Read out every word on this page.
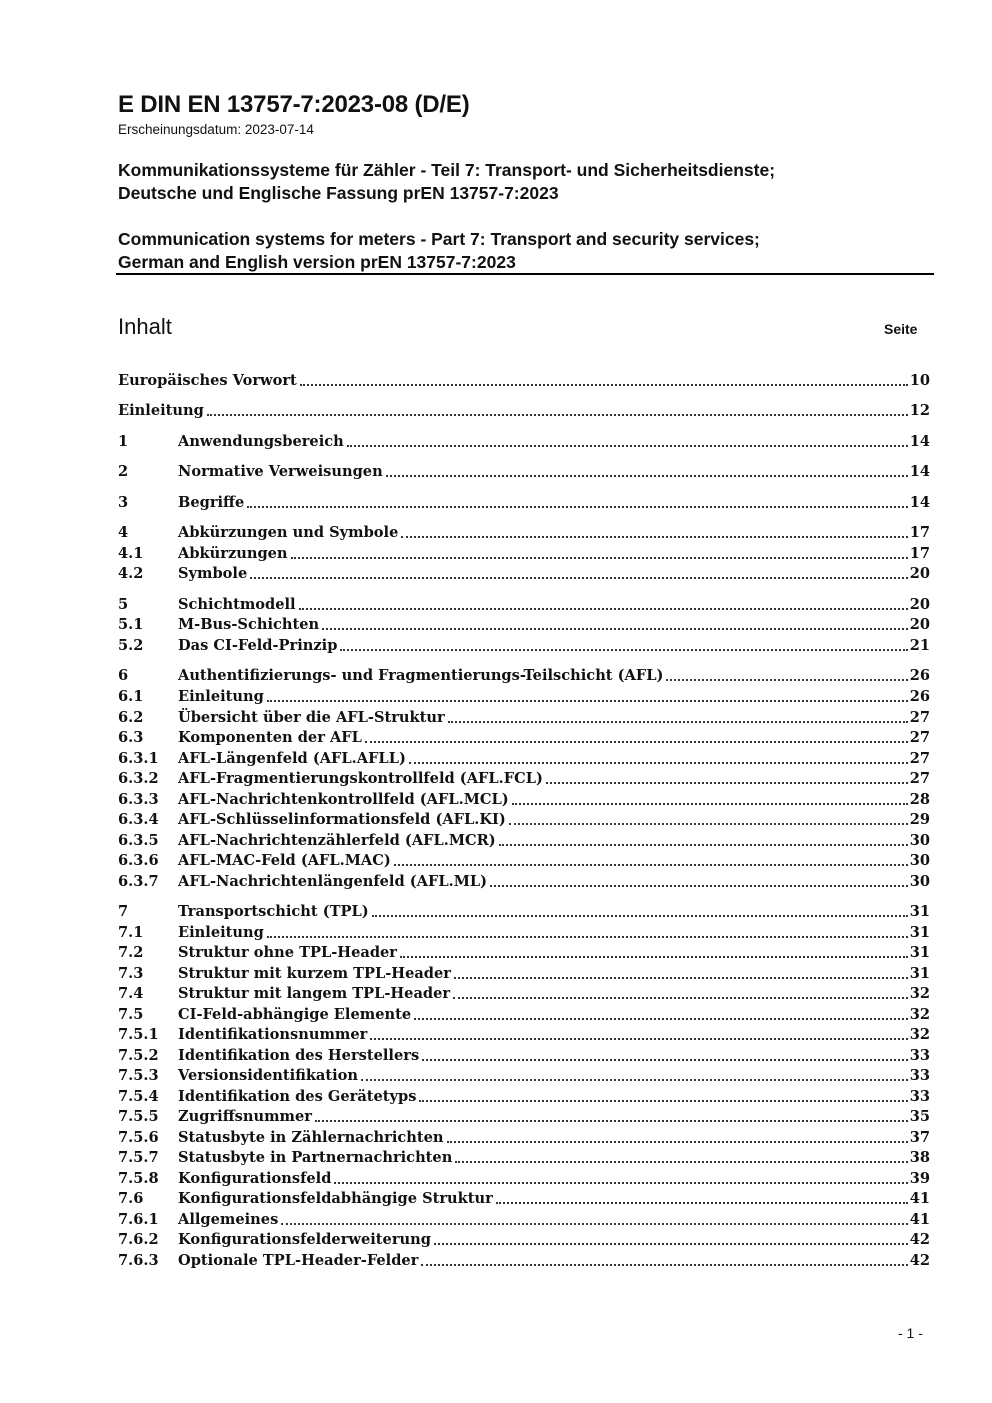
E DIN EN 13757-7:2023-08 (D/E)
Erscheinungsdatum: 2023-07-14
Kommunikationssysteme für Zähler - Teil 7: Transport- und Sicherheitsdienste;
Deutsche und Englische Fassung prEN 13757-7:2023
Communication systems for meters - Part 7: Transport and security services;
German and English version prEN 13757-7:2023
Inhalt	Seite
Europäisches Vorwort	10
Einleitung	12
1	Anwendungsbereich	14
2	Normative Verweisungen	14
3	Begriffe	14
4	Abkürzungen und Symbole	17
4.1	Abkürzungen	17
4.2	Symbole	20
5	Schichtmodell	20
5.1	M-Bus-Schichten	20
5.2	Das CI-Feld-Prinzip	21
6	Authentifizierungs- und Fragmentierungs-Teilschicht (AFL)	26
6.1	Einleitung	26
6.2	Übersicht über die AFL-Struktur	27
6.3	Komponenten der AFL	27
6.3.1	AFL-Längenfeld (AFL.AFLL)	27
6.3.2	AFL-Fragmentierungskontrollfeld (AFL.FCL)	27
6.3.3	AFL-Nachrichtenkontrollfeld (AFL.MCL)	28
6.3.4	AFL-Schlüsselinformationsfeld (AFL.KI)	29
6.3.5	AFL-Nachrichtenzählerfeld (AFL.MCR)	30
6.3.6	AFL-MAC-Feld (AFL.MAC)	30
6.3.7	AFL-Nachrichtenlängenfeld (AFL.ML)	30
7	Transportschicht (TPL)	31
7.1	Einleitung	31
7.2	Struktur ohne TPL-Header	31
7.3	Struktur mit kurzem TPL-Header	31
7.4	Struktur mit langem TPL-Header	32
7.5	CI-Feld-abhängige Elemente	32
7.5.1	Identifikationsnummer	32
7.5.2	Identifikation des Herstellers	33
7.5.3	Versionsidentifikation	33
7.5.4	Identifikation des Gerätetyps	33
7.5.5	Zugriffsnummer	35
7.5.6	Statusbyte in Zählernachrichten	37
7.5.7	Statusbyte in Partnernachrichten	38
7.5.8	Konfigurationsfeld	39
7.6	Konfigurationsfeldabhängige Struktur	41
7.6.1	Allgemeines	41
7.6.2	Konfigurationsfelderweiterung	42
7.6.3	Optionale TPL-Header-Felder	42
- 1 -
